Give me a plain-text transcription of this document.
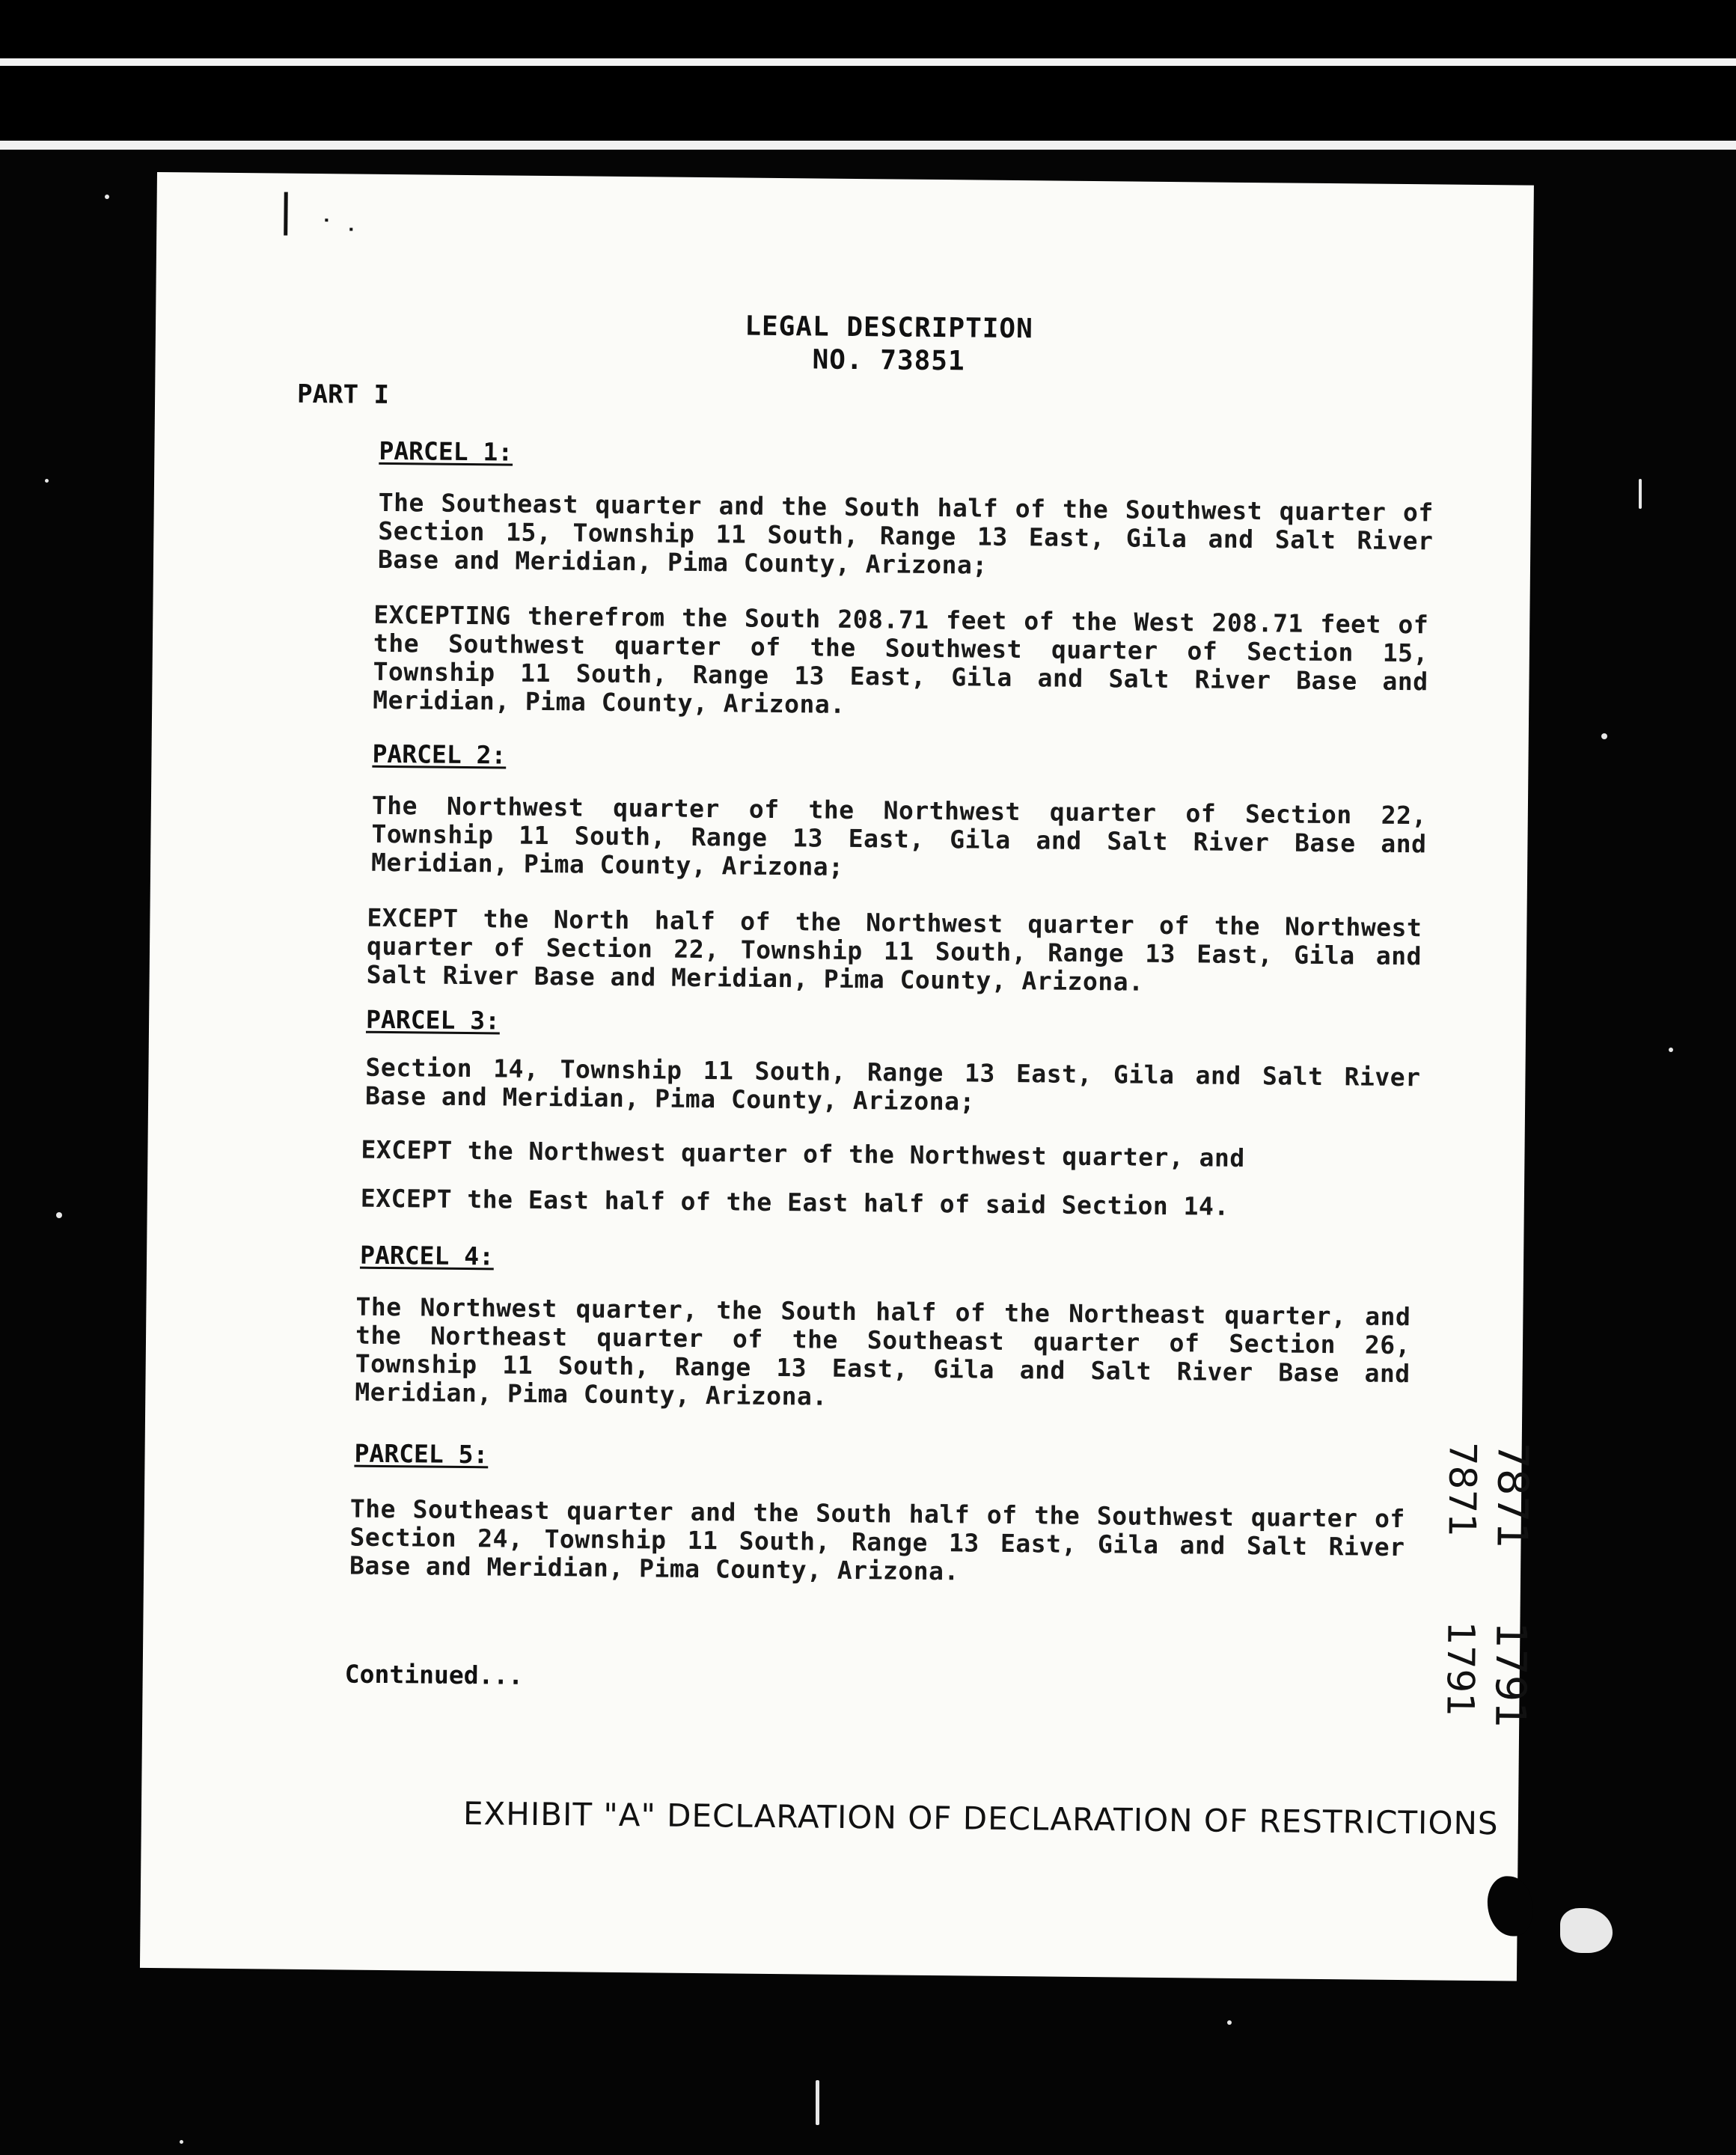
LEGAL DESCRIPTION
NO. 73851
PART I
PARCEL 1:
The Southeast quarter and the South half of the Southwest quarter of Section 15, Township 11 South, Range 13 East, Gila and Salt River Base and Meridian, Pima County, Arizona;
EXCEPTING therefrom the South 208.71 feet of the West 208.71 feet of the Southwest quarter of the Southwest quarter of Section 15, Township 11 South, Range 13 East, Gila and Salt River Base and Meridian, Pima County, Arizona.
PARCEL 2:
The Northwest quarter of the Northwest quarter of Section 22, Township 11 South, Range 13 East, Gila and Salt River Base and Meridian, Pima County, Arizona;
EXCEPT the North half of the Northwest quarter of the Northwest quarter of Section 22, Township 11 South, Range 13 East, Gila and Salt River Base and Meridian, Pima County, Arizona.
PARCEL 3:
Section 14, Township 11 South, Range 13 East, Gila and Salt River Base and Meridian, Pima County, Arizona;
EXCEPT the Northwest quarter of the Northwest quarter, and
EXCEPT the East half of the East half of said Section 14.
PARCEL 4:
The Northwest quarter, the South half of the Northeast quarter, and the Northeast quarter of the Southeast quarter of Section 26, Township 11 South, Range 13 East, Gila and Salt River Base and Meridian, Pima County, Arizona.
PARCEL 5:
The Southeast quarter and the South half of the Southwest quarter of Section 24, Township 11 South, Range 13 East, Gila and Salt River Base and Meridian, Pima County, Arizona.
Continued...
EXHIBIT "A" DECLARATION OF DECLARATION OF RESTRICTIONS
7871
1791
7871
1791
